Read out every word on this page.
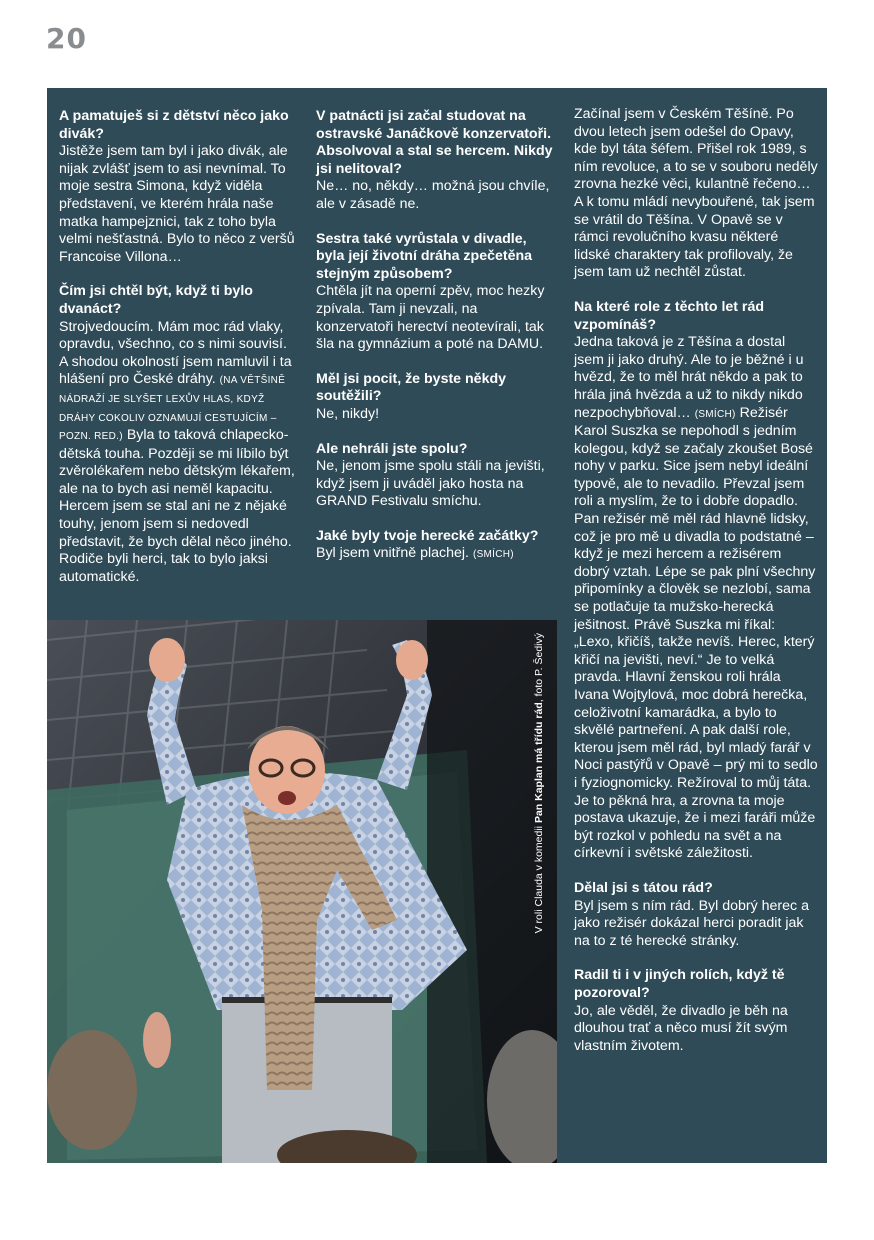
20

A pamatuješ si z dětství něco jako divák?

Jistěže jsem tam byl i jako divák, ale nijak zvlášť jsem to asi nevnímal. To moje sestra Simona, když viděla představení, ve kterém hrála naše matka hampejznici, tak z toho byla velmi nešťastná. Bylo to něco z veršů Francoise Villona…

Čím jsi chtěl být, když ti bylo dvanáct?

Strojvedoucím. Mám moc rád vlaky, opravdu, všechno, co s nimi souvisí. A shodou okolností jsem namluvil i ta hlášení pro České dráhy. (NA VĚTŠINĚ NÁDRAŽÍ JE SLYŠET LEXŮV HLAS, KDYŽ DRÁHY COKOLIV OZNAMUJÍ CESTUJÍCÍM – POZN. RED.) Byla to taková chlapecko-dětská touha. Později se mi líbilo být zvěrolékařem nebo dětským lékařem, ale na to bych asi neměl kapacitu. Hercem jsem se stal ani ne z nějaké touhy, jenom jsem si nedovedl představit, že bych dělal něco jiného. Rodiče byli herci, tak to bylo jaksi automatické.

V patnácti jsi začal studovat na ostravské Janáčkově konzervatoři. Absolvoval a stal se hercem. Nikdy jsi nelitoval?

Ne… no, někdy… možná jsou chvíle, ale v zásadě ne.

Sestra také vyrůstala v divadle, byla její životní dráha zpečetěna stejným způsobem?

Chtěla jít na operní zpěv, moc hezky zpívala. Tam ji nevzali, na konzervatoři herectví neotevírali, tak šla na gymnázium a poté na DAMU.

Měl jsi pocit, že byste někdy soutěžili?

Ne, nikdy!

Ale nehráli jste spolu?

Ne, jenom jsme spolu stáli na jevišti, když jsem ji uváděl jako hosta na GRAND Festivalu smíchu.

Jaké byly tvoje herecké začátky?

Byl jsem vnitřně plachej. (SMÍCH)

Začínal jsem v Českém Těšíně. Po dvou letech jsem odešel do Opavy, kde byl táta šéfem. Přišel rok 1989, s ním revoluce, a to se v souboru neděly zrovna hezké věci, kulantně řečeno… A k tomu mládí nevybouřené, tak jsem se vrátil do Těšína. V Opavě se v rámci revolučního kvasu některé lidské charaktery tak profilovaly, že jsem tam už nechtěl zůstat.

Na které role z těchto let rád vzpomínáš?

Jedna taková je z Těšína a dostal jsem ji jako druhý. Ale to je běžné i u hvězd, že to měl hrát někdo a pak to hrála jiná hvězda a už to nikdy nikdo nezpochybňoval… (SMÍCH) Režisér Karol Suszka se nepohodl s jedním kolegou, když se začaly zkoušet Bosé nohy v parku. Sice jsem nebyl ideální typově, ale to nevadilo. Převzal jsem roli a myslím, že to i dobře dopadlo. Pan režisér mě měl rád hlavně lidsky, což je pro mě u divadla to podstatné – když je mezi hercem a režisérem dobrý vztah. Lépe se pak plní všechny připomínky a člověk se nezlobí, sama se potlačuje ta mužsko-herecká ješitnost. Právě Suszka mi říkal: „Lexo, křičíš, takže nevíš. Herec, který křičí na jevišti, neví.“ Je to velká pravda. Hlavní ženskou roli hrála Ivana Wojtylová, moc dobrá herečka, celoživotní kamarádka, a bylo to skvělé partneření. A pak další role, kterou jsem měl rád, byl mladý farář v Noci pastýřů v Opavě – prý mi to sedlo i fyziognomicky. Režíroval to můj táta. Je to pěkná hra, a zrovna ta moje postava ukazuje, že i mezi faráři může být rozkol v pohledu na svět a na církevní i světské záležitosti.

Dělal jsi s tátou rád?

Byl jsem s ním rád. Byl dobrý herec a jako režisér dokázal herci poradit jak na to z té herecké stránky.

Radil ti i v jiných rolích, když tě pozoroval?

Jo, ale věděl, že divadlo je běh na dlouhou trať a něco musí žít svým vlastním životem.

V roli Clauda v komedii Pan Kaplan má třídu rád, foto P. Šedivý
